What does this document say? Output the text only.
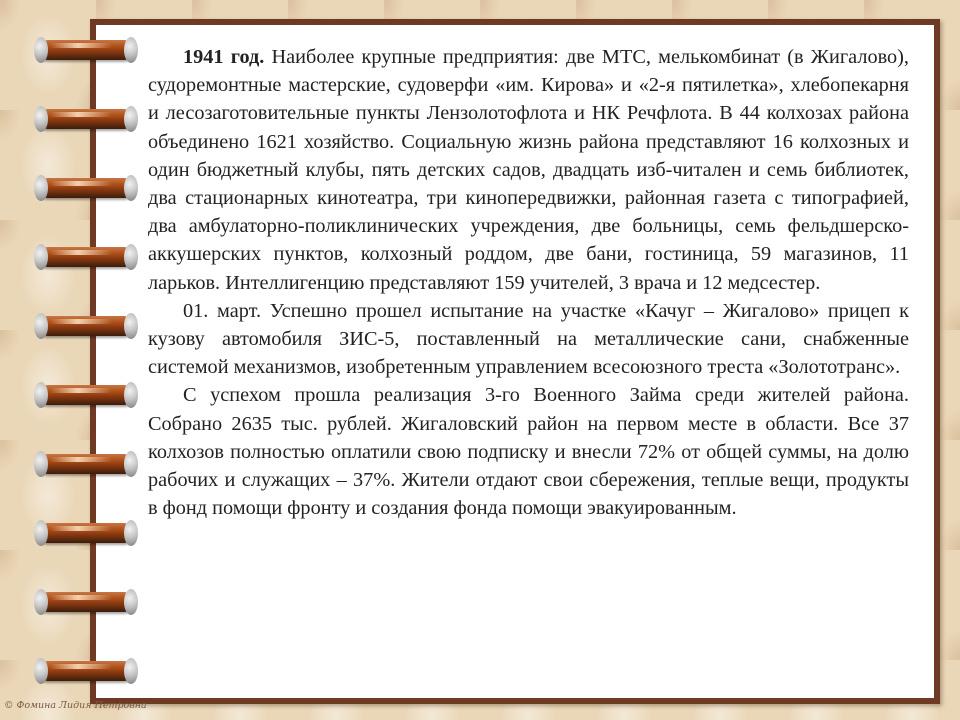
1941 год. Наиболее крупные предприятия: две МТС, мелькомбинат (в Жигалово), судоремонтные мастерские, судоверфи «им. Кирова» и «2-я пятилетка», хлебопекарня и лесозаготовительные пункты Лензолотофлота и НК Речфлота. В 44 колхозах района объединено 1621 хозяйство. Социальную жизнь района представляют 16 колхозных и один бюджетный клубы, пять детских садов, двадцать изб-читален и семь библиотек, два стационарных кинотеатра, три кинопередвижки, районная газета с типографией, два амбулаторно-поликлинических учреждения, две больницы, семь фельдшерско-аккушерских пунктов, колхозный роддом, две бани, гостиница, 59 магазинов, 11 ларьков. Интеллигенцию представляют 159 учителей, 3 врача и 12 медсестер.

01. март. Успешно прошел испытание на участке «Качуг – Жигалово» прицеп к кузову автомобиля ЗИС-5, поставленный на металлические сани, снабженные системой механизмов, изобретенным управлением всесоюзного треста «Золототранс».

С успехом прошла реализация 3-го Военного Займа среди жителей района. Собрано 2635 тыс. рублей. Жигаловский район на первом месте в области. Все 37 колхозов полностью оплатили свою подписку и внесли 72% от общей суммы, на долю рабочих и служащих – 37%. Жители отдают свои сбережения, теплые вещи, продукты в фонд помощи фронту и создания фонда помощи эвакуированным.

© Фомина Лидия Петровна
